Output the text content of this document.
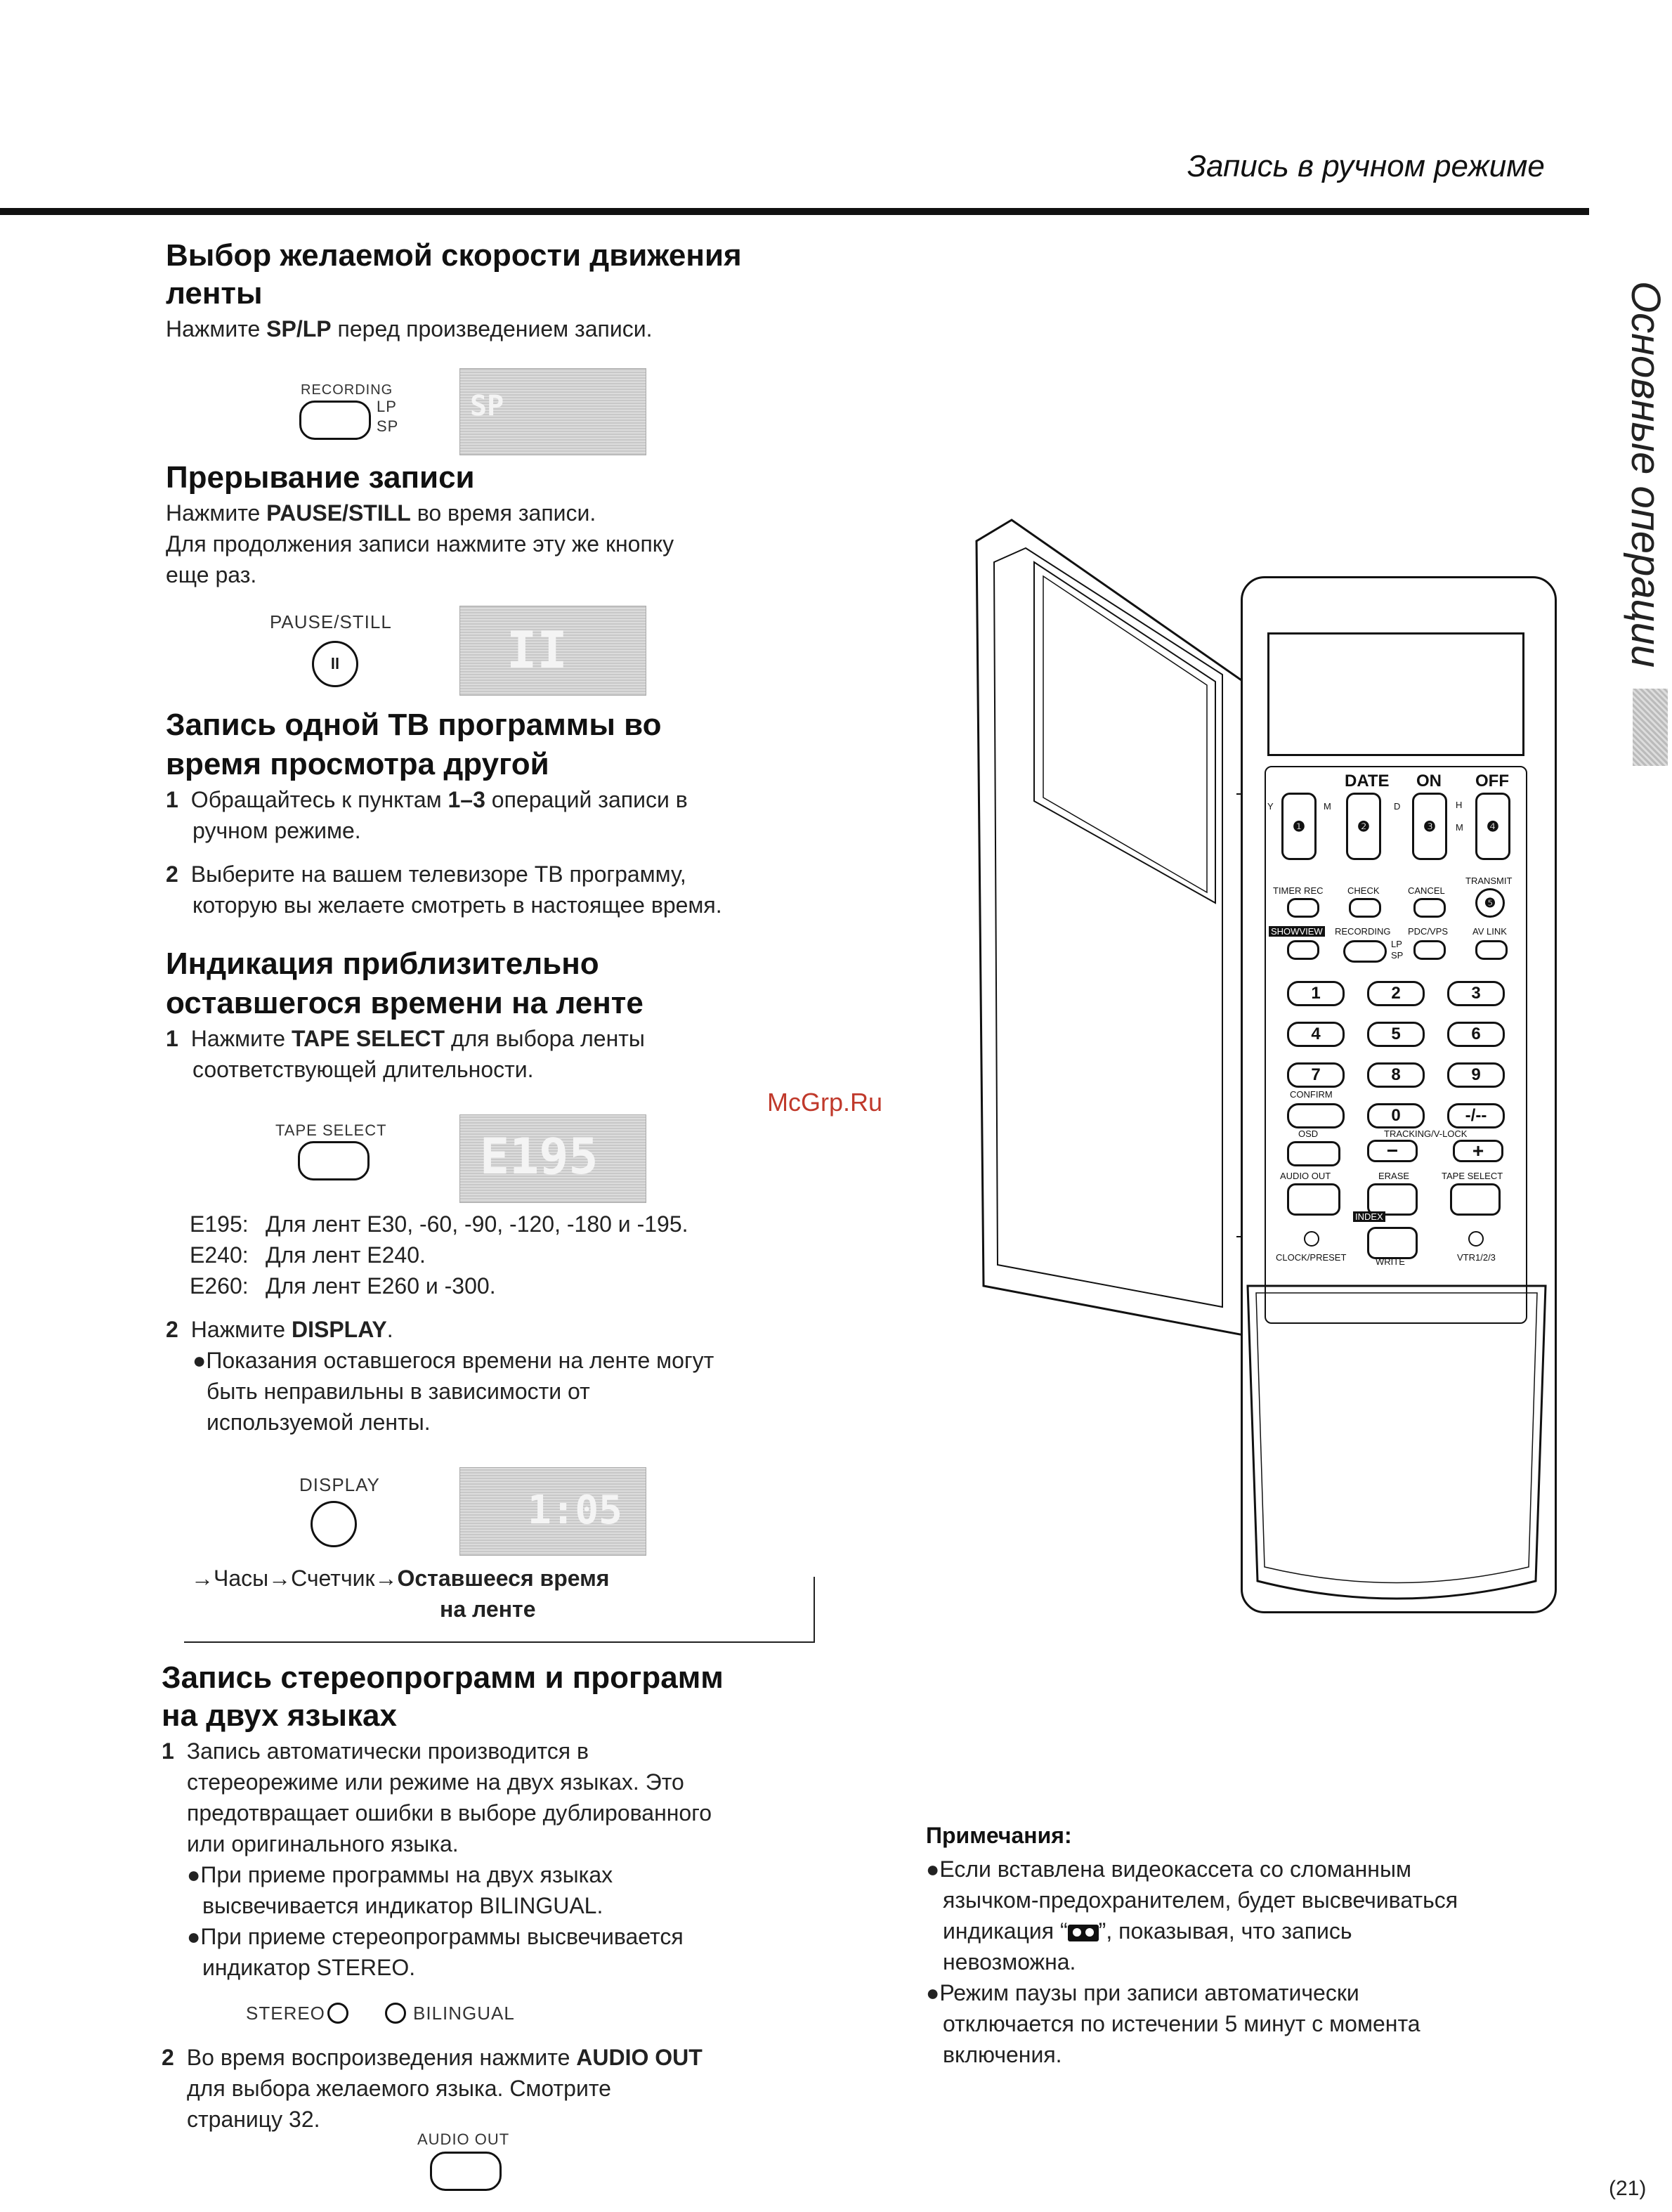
Запись в ручном режиме
Основные операции
Выбор желаемой скорости движения
ленты
Нажмите SP/LP перед произведением записи.
RECORDING
LP
SP
SP
Прерывание записи
Нажмите PAUSE/STILL во время записи.
Для продолжения записи нажмите эту же кнопку
еще раз.
PAUSE/STILL
ll	II
Запись одной ТВ программы во
время просмотра другой
1 Обращайтесь к пунктам 1–3 операций записи в
ручном режиме.
2 Выберите на вашем телевизоре ТВ программу,
которую вы желаете смотреть в настоящее время.
Индикация приблизительно
оставшегося времени на ленте
1 Нажмите TAPE SELECT для выбора ленты
соответствующей длительности.
TAPE SELECT E195
E195: Для лент E30, -60, -90, -120, -180 и -195.
E240: Для лент E240.
E260: Для лент E260 и -300.
2 Нажмите DISPLAY.
●Показания оставшегося времени на ленте могут
быть неправильны в зависимости от
используемой ленты.
DISPLAY
1:05
→Часы→Счетчик→Оставшееся время
на ленте
Запись стереопрограмм и программ
на двух языках
1 Запись автоматически производится в
стереорежиме или режиме на двух языках. Это
предотвращает ошибки в выборе дублированного
или оригинального языка.
●При приеме программы на двух языках
высвечивается индикатор BILINGUAL.
●При приеме стереопрограммы высвечивается
индикатор STEREO.
STEREO	BILINGUAL
2 Во время воспроизведения нажмите AUDIO OUT
для выбора желаемого языка. Смотрите
страницу 32.
AUDIO OUT
Примечания:
●Если вставлена видеокассета со сломанным
язычком-предохранителем, будет высвечиваться
индикация “ ”, показывая, что запись
невозможна.
●Режим паузы при записи автоматически
отключается по истечении 5 минут с момента
включения.
McGrp.Ru
(21)
DATE ON OFF
Y	M	D	H
M
❶	❷	❸	❹
TIMER REC	CHECK	CANCEL
TRANSMIT
❺
SHOWVIEW RECORDING PDC/VPS	AV LINK
LP
SP
1	2	3
4	5	6
7	8	9
CONFIRM
0	-/--
OSD	TRACKING/V-LOCK
−	+
AUDIO OUT	ERASE	TAPE SELECT
INDEX
CLOCK/PRESET	WRITE	VTR1/2/3
